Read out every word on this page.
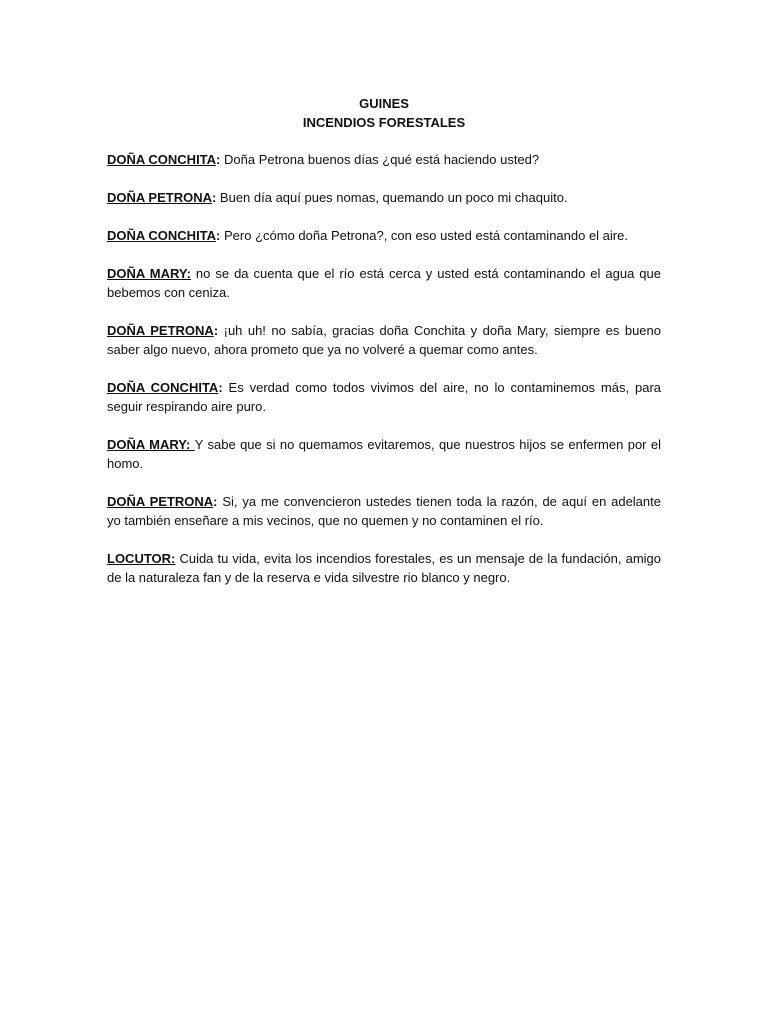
GUINES
INCENDIOS FORESTALES

DOÑA CONCHITA: Doña Petrona buenos días ¿qué está haciendo usted?

DOÑA PETRONA: Buen día aquí pues nomas, quemando un poco mi chaquito.

DOÑA CONCHITA: Pero ¿cómo doña Petrona?, con eso usted está contaminando el aire.

DOÑA MARY: no se da cuenta que el río está cerca y usted está contaminando el agua que bebemos con ceniza.

DOÑA PETRONA: ¡uh uh! no sabía, gracias doña Conchita y doña Mary, siempre es bueno saber algo nuevo, ahora prometo que ya no volveré a quemar como antes.

DOÑA CONCHITA: Es verdad como todos vivimos del aire, no lo contaminemos más, para seguir respirando aire puro.

DOÑA MARY: Y sabe que si no quemamos evitaremos, que nuestros hijos se enfermen por el homo.

DOÑA PETRONA: Si, ya me convencieron ustedes tienen toda la razón, de aquí en adelante yo también enseñare a mis vecinos, que no quemen y no contaminen el río.

LOCUTOR: Cuida tu vida, evita los incendios forestales, es un mensaje de la fundación, amigo de la naturaleza fan y de la reserva e vida silvestre rio blanco y negro.
